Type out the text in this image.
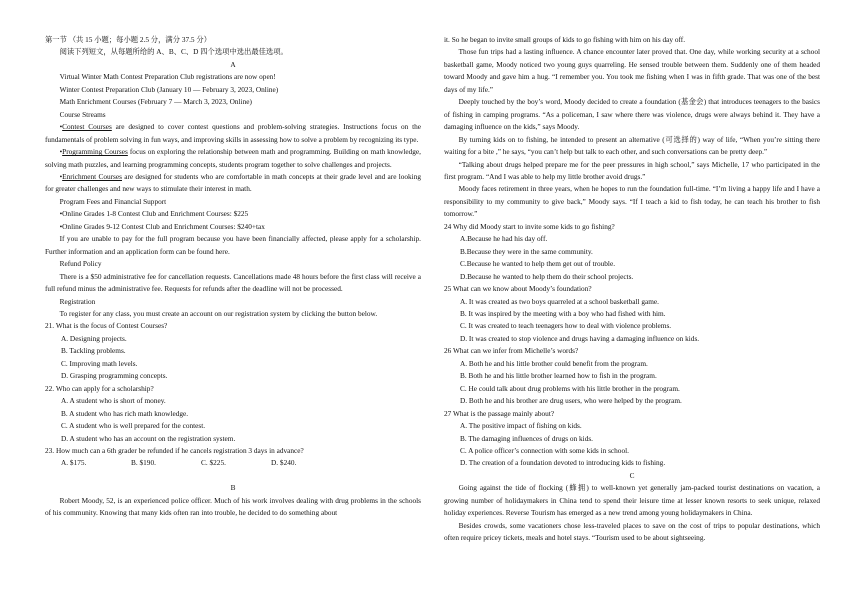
第一节 （共 15 小题；每小题 2.5 分，满分 37.5 分）

阅读下列短文，从每题所给的 A、B、C、D 四个选项中选出最佳选项。

A

Virtual Winter Math Contest Preparation Club registrations are now open!

Winter Contest Preparation Club (January 10 — February 3, 2023, Online)

Math Enrichment Courses (February 7 — March 3, 2023, Online)

Course Streams

•Contest Courses are designed to cover contest questions and problem-solving strategies. Instructions focus on the fundamentals of problem solving in fun ways, and improving skills in assessing how to solve a problem by recognizing its type.

•Programming Courses focus on exploring the relationship between math and programming. Building on math knowledge, solving math puzzles, and learning programming concepts, students program together to solve challenges and projects.

•Enrichment Courses are designed for students who are comfortable in math concepts at their grade level and are looking for greater challenges and new ways to stimulate their interest in math.

Program Fees and Financial Support

•Online Grades 1-8 Contest Club and Enrichment Courses: $225

•Online Grades 9-12 Contest Club and Enrichment Courses: $240+tax

If you are unable to pay for the full program because you have been financially affected, please apply for a scholarship. Further information and an application form can be found here.

Refund Policy

There is a $50 administrative fee for cancellation requests. Cancellations made 48 hours before the first class will receive a full refund minus the administrative fee. Requests for refunds after the deadline will not be processed.

Registration

To register for any class, you must create an account on our registration system by clicking the button below.

21. What is the focus of Contest Courses?

A. Designing projects.

B. Tackling problems.

C. Improving math levels.

D. Grasping programming concepts.

22. Who can apply for a scholarship?

A. A student who is short of money.

B. A student who has rich math knowledge.

C. A student who is well prepared for the contest.

D. A student who has an account on the registration system.

23. How much can a 6th grader be refunded if he cancels registration 3 days in advance?

A. $175.	B. $190.	C. $225.	D. $240.

B

Robert Moody, 52, is an experienced police officer. Much of his work involves dealing with drug problems in the schools of his community. Knowing that many kids often ran into trouble, he decided to do something about

it. So he began to invite small groups of kids to go fishing with him on his day off.

Those fun trips had a lasting influence. A chance encounter later proved that. One day, while working security at a school basketball game, Moody noticed two young guys quarreling. He sensed trouble between them. Suddenly one of them headed toward Moody and gave him a hug. “I remember you. You took me fishing when I was in fifth grade. That was one of the best days of my life.”

Deeply touched by the boy’s word, Moody decided to create a foundation (基金会) that introduces teenagers to the basics of fishing in camping programs. “As a policeman, I saw where there was violence, drugs were always behind it. They have a damaging influence on the kids,” says Moody.

By turning kids on to fishing, he intended to present an alternative (可选择的) way of life, “When you’re sitting there waiting for a bite ,” he says, “you can’t help but talk to each other, and such conversations can be pretty deep.”

“Talking about drugs helped prepare me for the peer pressures in high school,” says Michelle, 17 who participated in the first program. “And I was able to help my little brother avoid drugs.”

Moody faces retirement in three years, when he hopes to run the foundation full-time. “I’m living a happy life and I have a responsibility to my community to give back,” Moody says. “If I teach a kid to fish today, he can teach his brother to fish tomorrow.”

24 Why did Moody start to invite some kids to go fishing?

A.Because he had his day off.

B.Because they were in the same community.

C.Because he wanted to help them get out of trouble.

D.Because he wanted to help them do their school projects.

25 What can we know about Moody’s foundation?

A. It was created as two boys quarreled at a school basketball game.

B. It was inspired by the meeting with a boy who had fished with him.

C. It was created to teach teenagers how to deal with violence problems.

D. It was created to stop violence and drugs having a damaging influence on kids.

26 What can we infer from Michelle’s words?

A. Both he and his little brother could benefit from the program.

B. Both he and his little brother learned how to fish in the program.

C. He could talk about drug problems with his little brother in the program.

D. Both he and his brother are drug users, who were helped by the program.

27 What is the passage mainly about?

A. The positive impact of fishing on kids.

B. The damaging influences of drugs on kids.

C. A police officer’s connection with some kids in school.

D. The creation of a foundation devoted to introducing kids to fishing.

C

Going against the tide of flocking (蜂拥) to well-known yet generally jam-packed tourist destinations on vacation, a growing number of holidaymakers in China tend to spend their leisure time at lesser known resorts to seek unique, relaxed holiday experiences. Reverse Tourism has emerged as a new trend among young holidaymakers in China.

Besides crowds, some vacationers chose less-traveled places to save on the cost of trips to popular destinations, which often require pricey tickets, meals and hotel stays. “Tourism used to be about sightseeing.
